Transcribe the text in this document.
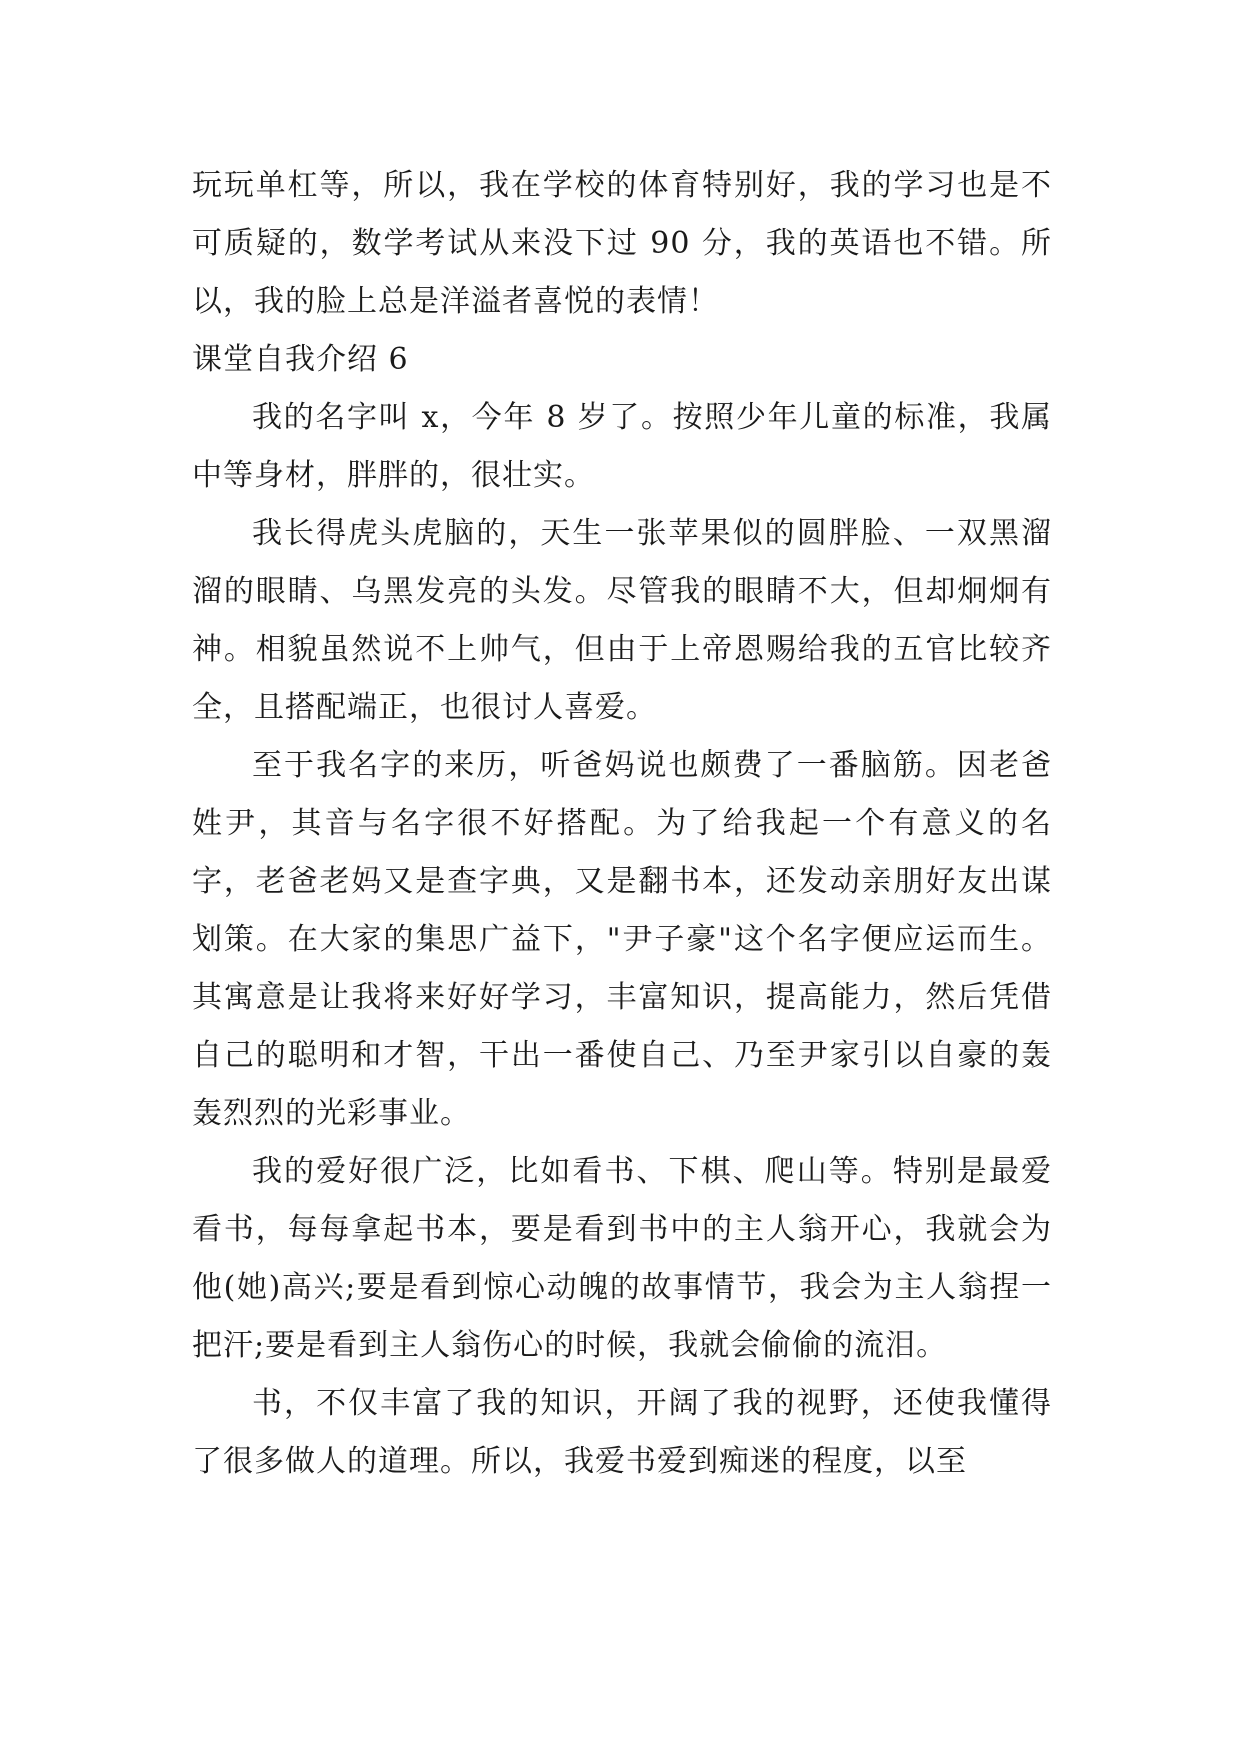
玩玩单杠等，所以，我在学校的体育特别好，我的学习也是不可质疑的，数学考试从来没下过 90 分，我的英语也不错。所以，我的脸上总是洋溢者喜悦的表情！

课堂自我介绍 6

我的名字叫 x，今年 8 岁了。按照少年儿童的标准，我属中等身材，胖胖的，很壮实。

我长得虎头虎脑的，天生一张苹果似的圆胖脸、一双黑溜溜的眼睛、乌黑发亮的头发。尽管我的眼睛不大，但却炯炯有神。相貌虽然说不上帅气，但由于上帝恩赐给我的五官比较齐全，且搭配端正，也很讨人喜爱。

至于我名字的来历，听爸妈说也颇费了一番脑筋。因老爸姓尹，其音与名字很不好搭配。为了给我起一个有意义的名字，老爸老妈又是查字典，又是翻书本，还发动亲朋好友出谋划策。在大家的集思广益下，"尹子豪"这个名字便应运而生。其寓意是让我将来好好学习，丰富知识，提高能力，然后凭借自己的聪明和才智，干出一番使自己、乃至尹家引以自豪的轰轰烈烈的光彩事业。

我的爱好很广泛，比如看书、下棋、爬山等。特别是最爱看书，每每拿起书本，要是看到书中的主人翁开心，我就会为他(她)高兴;要是看到惊心动魄的故事情节，我会为主人翁捏一把汗;要是看到主人翁伤心的时候，我就会偷偷的流泪。

书，不仅丰富了我的知识，开阔了我的视野，还使我懂得了很多做人的道理。所以，我爱书爱到痴迷的程度，以至
